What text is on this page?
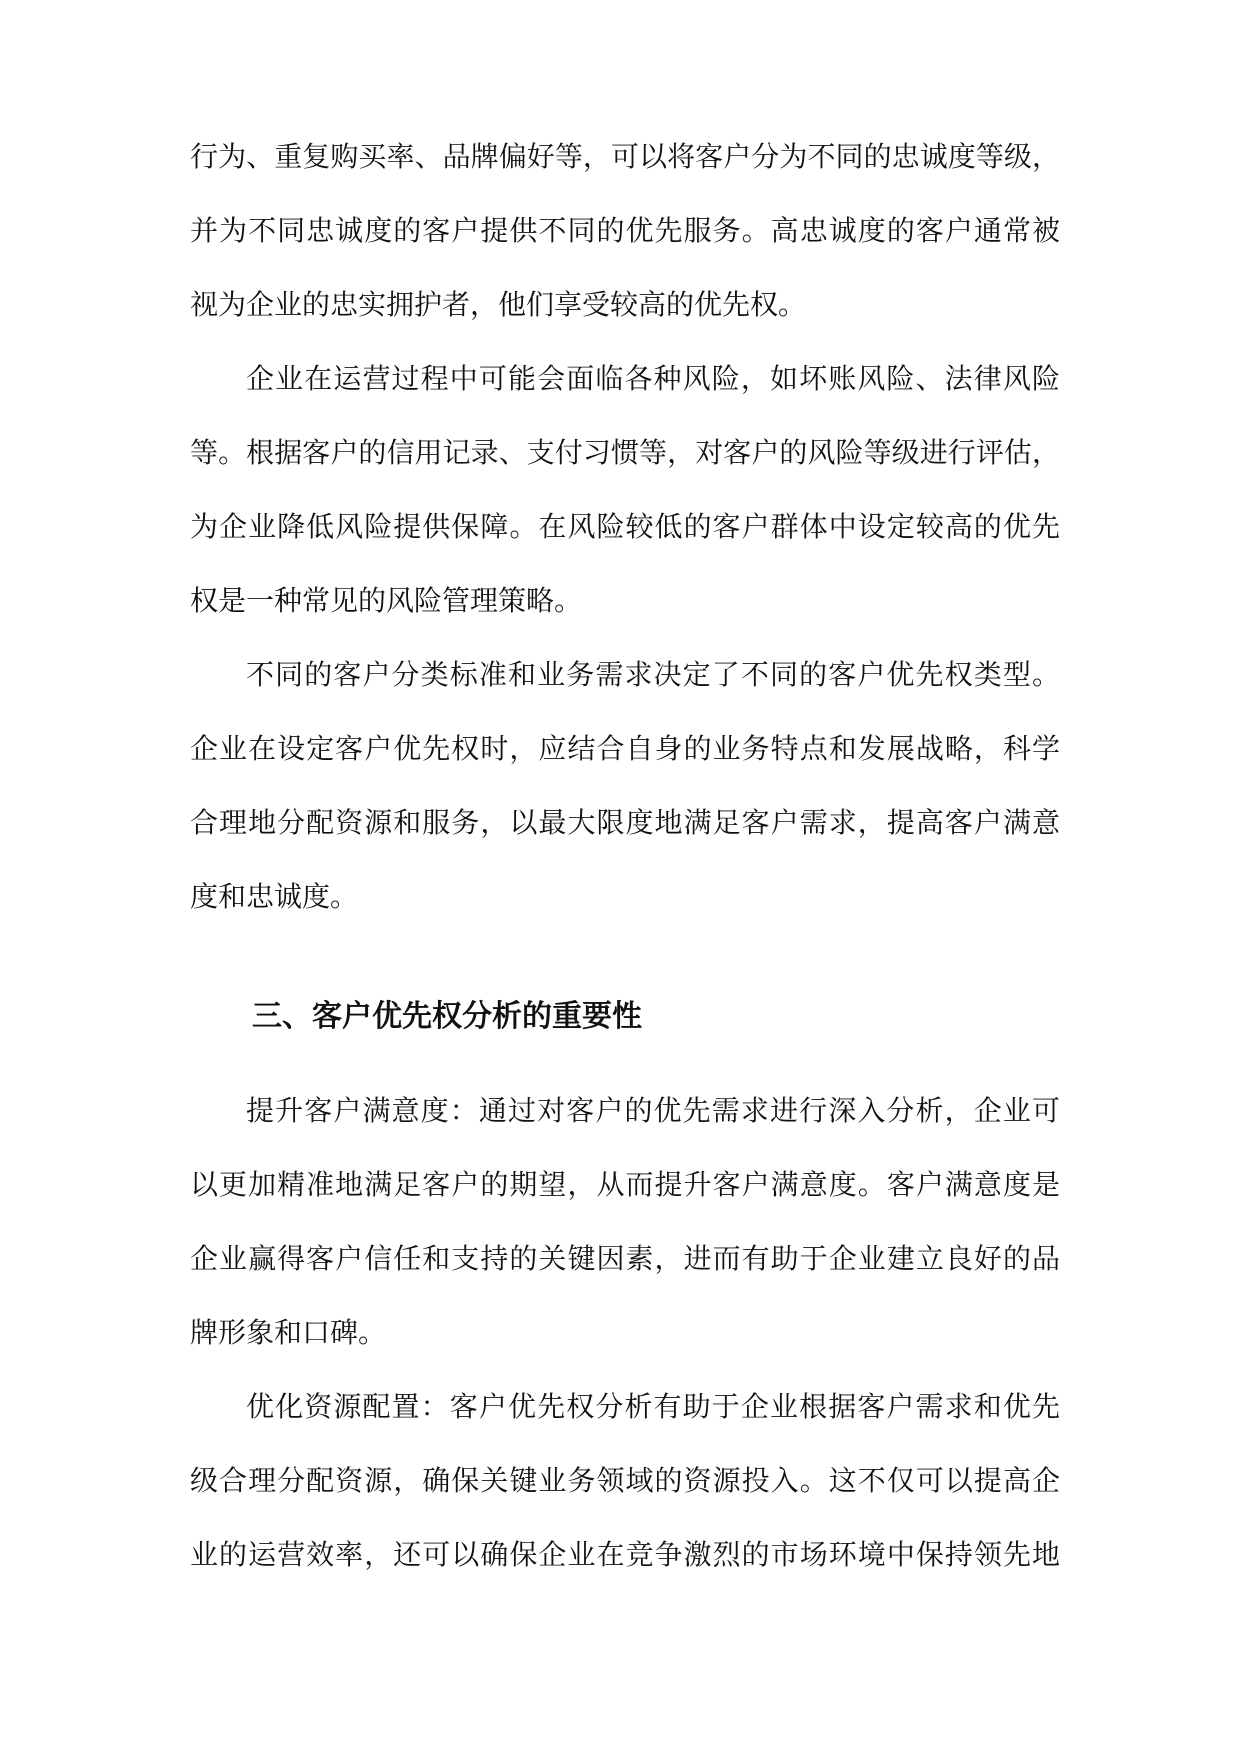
行为、重复购买率、品牌偏好等，可以将客户分为不同的忠诚度等级，
并为不同忠诚度的客户提供不同的优先服务。高忠诚度的客户通常被
视为企业的忠实拥护者，他们享受较高的优先权。
企业在运营过程中可能会面临各种风险，如坏账风险、法律风险
等。根据客户的信用记录、支付习惯等，对客户的风险等级进行评估，
为企业降低风险提供保障。在风险较低的客户群体中设定较高的优先
权是一种常见的风险管理策略。
不同的客户分类标准和业务需求决定了不同的客户优先权类型。
企业在设定客户优先权时，应结合自身的业务特点和发展战略，科学
合理地分配资源和服务，以最大限度地满足客户需求，提高客户满意
度和忠诚度。
三、客户优先权分析的重要性
提升客户满意度：通过对客户的优先需求进行深入分析，企业可
以更加精准地满足客户的期望，从而提升客户满意度。客户满意度是
企业赢得客户信任和支持的关键因素，进而有助于企业建立良好的品
牌形象和口碑。
优化资源配置：客户优先权分析有助于企业根据客户需求和优先
级合理分配资源，确保关键业务领域的资源投入。这不仅可以提高企
业的运营效率，还可以确保企业在竞争激烈的市场环境中保持领先地
